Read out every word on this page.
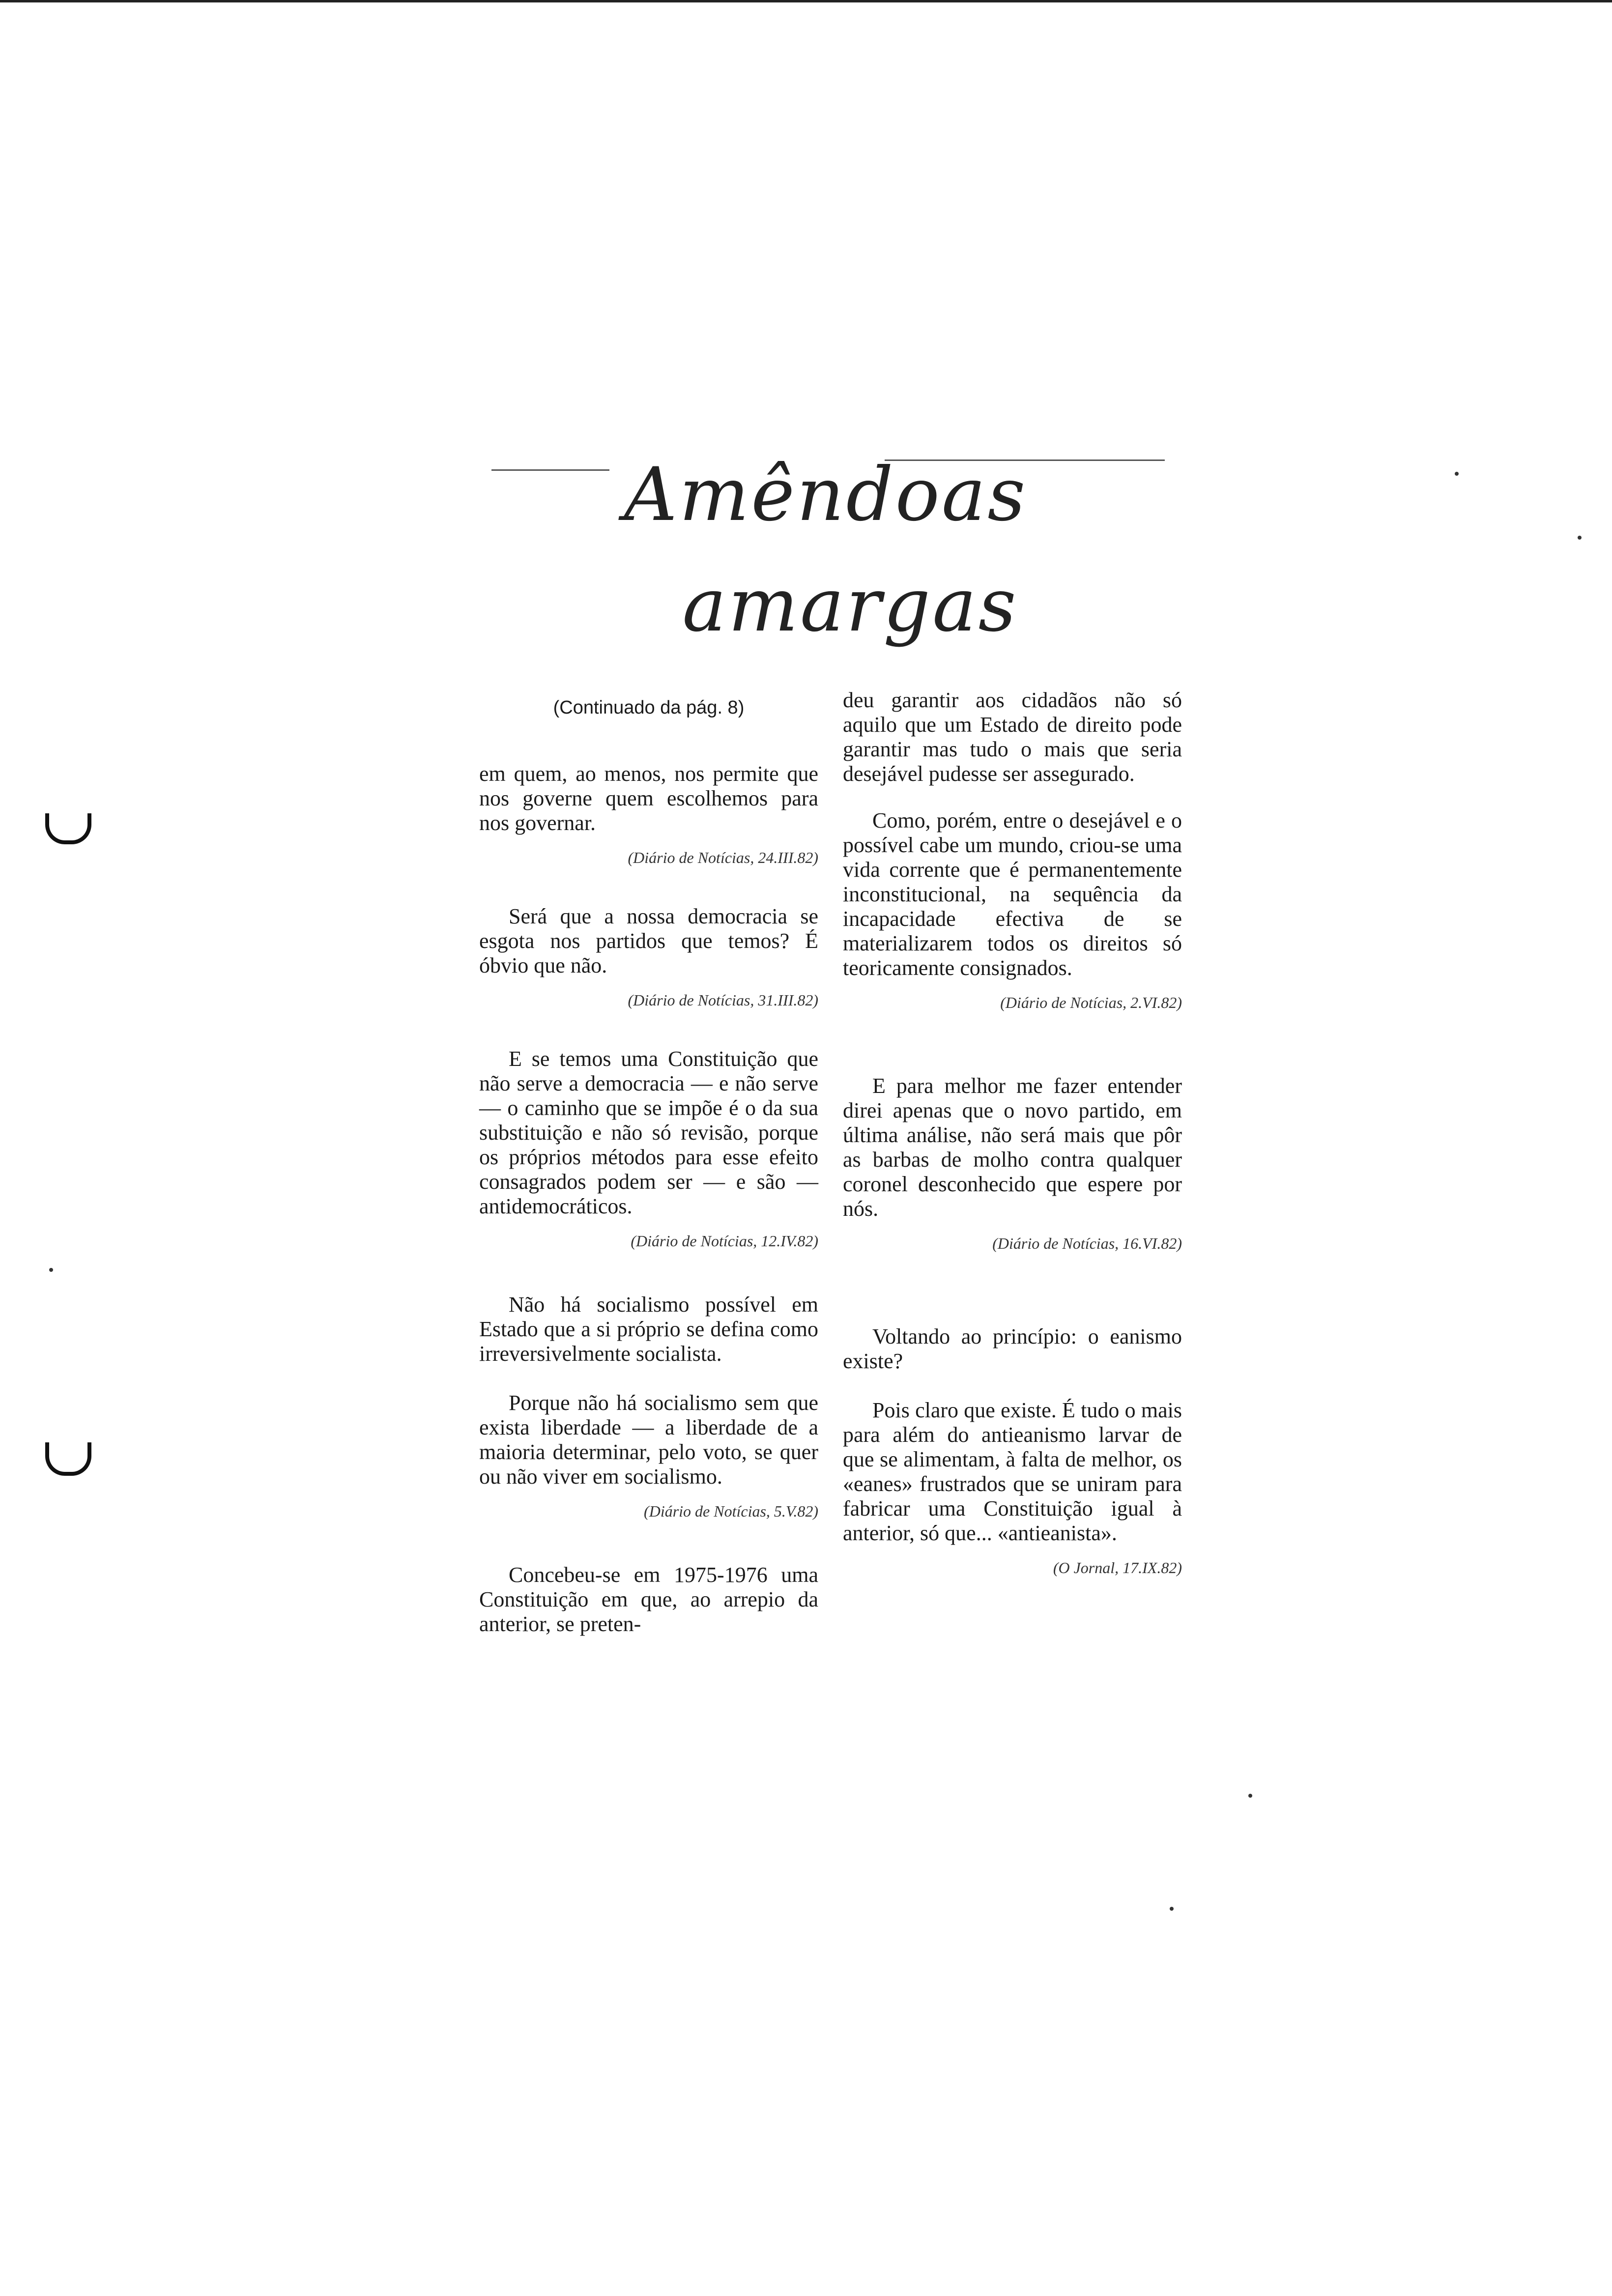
Amêndoas
amargas

(Continuado da pág. 8)

em quem, ao menos, nos permite que nos governe quem escolhemos para nos governar.

(Diário de Notícias, 24.III.82)

Será que a nossa democracia se esgota nos partidos que temos? É óbvio que não.

(Diário de Notícias, 31.III.82)

E se temos uma Constituição que não serve a democracia — e não serve — o caminho que se impõe é o da sua substituição e não só revisão, porque os próprios métodos para esse efeito consagrados podem ser — e são — antidemocráticos.

(Diário de Notícias, 12.IV.82)

Não há socialismo possível em Estado que a si próprio se defina como irreversivelmente socialista.

Porque não há socialismo sem que exista liberdade — a liberdade de a maioria determinar, pelo voto, se quer ou não viver em socialismo.

(Diário de Notícias, 5.V.82)

Concebeu-se em 1975-1976 uma Constituição em que, ao arrepio da anterior, se preten-

deu garantir aos cidadãos não só aquilo que um Estado de direito pode garantir mas tudo o mais que seria desejável pudesse ser assegurado.

Como, porém, entre o desejável e o possível cabe um mundo, criou-se uma vida corrente que é permanentemente inconstitucional, na sequência da incapacidade efectiva de se materializarem todos os direitos só teoricamente consignados.

(Diário de Notícias, 2.VI.82)

E para melhor me fazer entender direi apenas que o novo partido, em última análise, não será mais que pôr as barbas de molho contra qualquer coronel desconhecido que espere por nós.

(Diário de Notícias, 16.VI.82)

Voltando ao princípio: o eanismo existe?

Pois claro que existe. É tudo o mais para além do antieanismo larvar de que se alimentam, à falta de melhor, os «eanes» frustrados que se uniram para fabricar uma Constituição igual à anterior, só que... «antieanista».

(O Jornal, 17.IX.82)
